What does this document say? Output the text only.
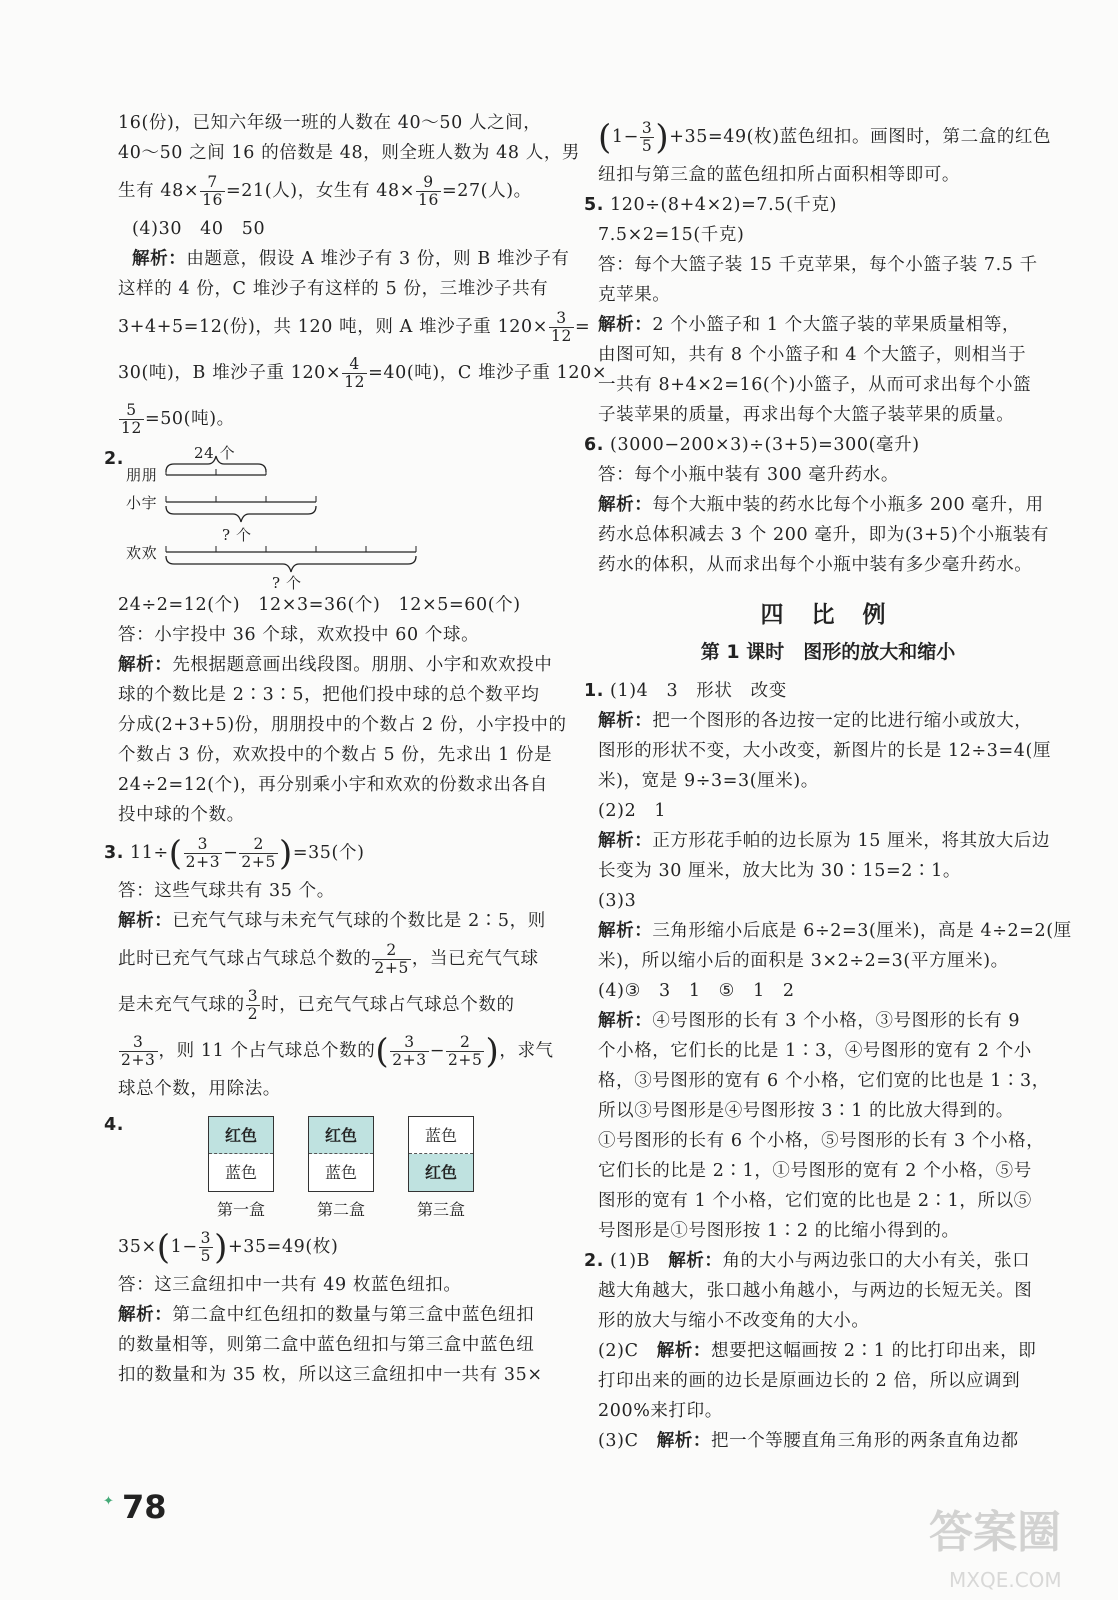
16(份)，已知六年级一班的人数在 40～50 人之间，

40～50 之间 16 的倍数是 48，则全班人数为 48 人，男

生有 $48\times \frac{7}{16} =21$(人)，女生有 $48\times \frac{9}{16} =27$(人)。

(4)30　40　50

解析：由题意，假设 A 堆沙子有 3 份，则 B 堆沙子有

这样的 4 份，C 堆沙子有这样的 5 份，三堆沙子共有

3+4+5=12(份)，共 120 吨，则 A 堆沙子重 $120\times \frac{3}{12}$ =

30(吨)，B 堆沙子重 $120\times \frac{4}{12} =40$(吨)，C 堆沙子重 120×

$\frac{5}{12} =50$(吨)。

2.	24 个
朋朋
小宇
? 个
欢欢
? 个

24÷2=12(个)　12×3=36(个)　12×5=60(个)

答：小宇投中 36 个球，欢欢投中 60 个球。

解析：先根据题意画出线段图。朋朋、小宇和欢欢投中

球的个数比是 2∶3∶5，把他们投中球的总个数平均

分成(2+3+5)份，朋朋投中的个数占 2 份，小宇投中的

个数占 3 份，欢欢投中的个数占 5 份，先求出 1 份是

24÷2=12(个)，再分别乘小宇和欢欢的份数求出各自

投中球的个数。

3. $11\div( \frac{3}{2+3} - \frac{2}{2+5} )=35$(个)

答：这些气球共有 35 个。

解析：已充气气球与未充气气球的个数比是 2∶5，则

此时已充气气球占气球总个数的 $\frac{2}{2+5}$ ，当已充气气球

是未充气气球的 $\frac{3}{2}$ 时，已充气气球占气球总个数的

$\frac{3}{2+3}$ ，则 11 个占气球总个数的( $\frac{3}{2+3} - \frac{2}{2+5}$ )，求气

球总个数，用除法。

4.
红色
蓝色
第一盒
红色
蓝色
第二盒
蓝色
红色
第三盒

$35\times(1- \frac{3}{5} )+35=49$(枚)

答：这三盒纽扣中一共有 49 枚蓝色纽扣。

解析：第二盒中红色纽扣的数量与第三盒中蓝色纽扣

的数量相等，则第二盒中蓝色纽扣与第三盒中蓝色纽

扣的数量和为 35 枚，所以这三盒纽扣中一共有 35×

$(1- \frac{3}{5} )+35=49$(枚)蓝色纽扣。画图时，第二盒的红色

纽扣与第三盒的蓝色纽扣所占面积相等即可。

5. 120÷(8+4×2)=7.5(千克)

7.5×2=15(千克)

答：每个大篮子装 15 千克苹果，每个小篮子装 7.5 千

克苹果。

解析：2 个小篮子和 1 个大篮子装的苹果质量相等，

由图可知，共有 8 个小篮子和 4 个大篮子，则相当于

一共有 8+4×2=16(个)小篮子，从而可求出每个小篮

子装苹果的质量，再求出每个大篮子装苹果的质量。

6. (3000−200×3)÷(3+5)=300(毫升)

答：每个小瓶中装有 300 毫升药水。

解析：每个大瓶中装的药水比每个小瓶多 200 毫升，用

药水总体积减去 3 个 200 毫升，即为(3+5)个小瓶装有

药水的体积，从而求出每个小瓶中装有多少毫升药水。

四 比 例
第 1 课时　图形的放大和缩小

1. (1)4　3　形状　改变

解析：把一个图形的各边按一定的比进行缩小或放大，

图形的形状不变，大小改变，新图片的长是 12÷3=4(厘

米)，宽是 9÷3=3(厘米)。

(2)2　1

解析：正方形花手帕的边长原为 15 厘米，将其放大后边

长变为 30 厘米，放大比为 30∶15=2∶1。

(3)3

解析：三角形缩小后底是 6÷2=3(厘米)，高是 4÷2=2(厘

米)，所以缩小后的面积是 3×2÷2=3(平方厘米)。

(4)③　3　1　⑤　1　2

解析：④号图形的长有 3 个小格，③号图形的长有 9

个小格，它们长的比是 1∶3，④号图形的宽有 2 个小

格，③号图形的宽有 6 个小格，它们宽的比也是 1∶3，

所以③号图形是④号图形按 3∶1 的比放大得到的。

①号图形的长有 6 个小格，⑤号图形的长有 3 个小格，

它们长的比是 2∶1，①号图形的宽有 2 个小格，⑤号

图形的宽有 1 个小格，它们宽的比也是 2∶1，所以⑤

号图形是①号图形按 1∶2 的比缩小得到的。

2. (1)B　解析：角的大小与两边张口的大小有关，张口

越大角越大，张口越小角越小，与两边的长短无关。图

形的放大与缩小不改变角的大小。

(2)C　解析：想要把这幅画按 2∶1 的比打印出来，即

打印出来的画的边长是原画边长的 2 倍，所以应调到

200%来打印。

(3)C　解析：把一个等腰直角三角形的两条直角边都

✦ 78	答案圈
MXQE.COM
